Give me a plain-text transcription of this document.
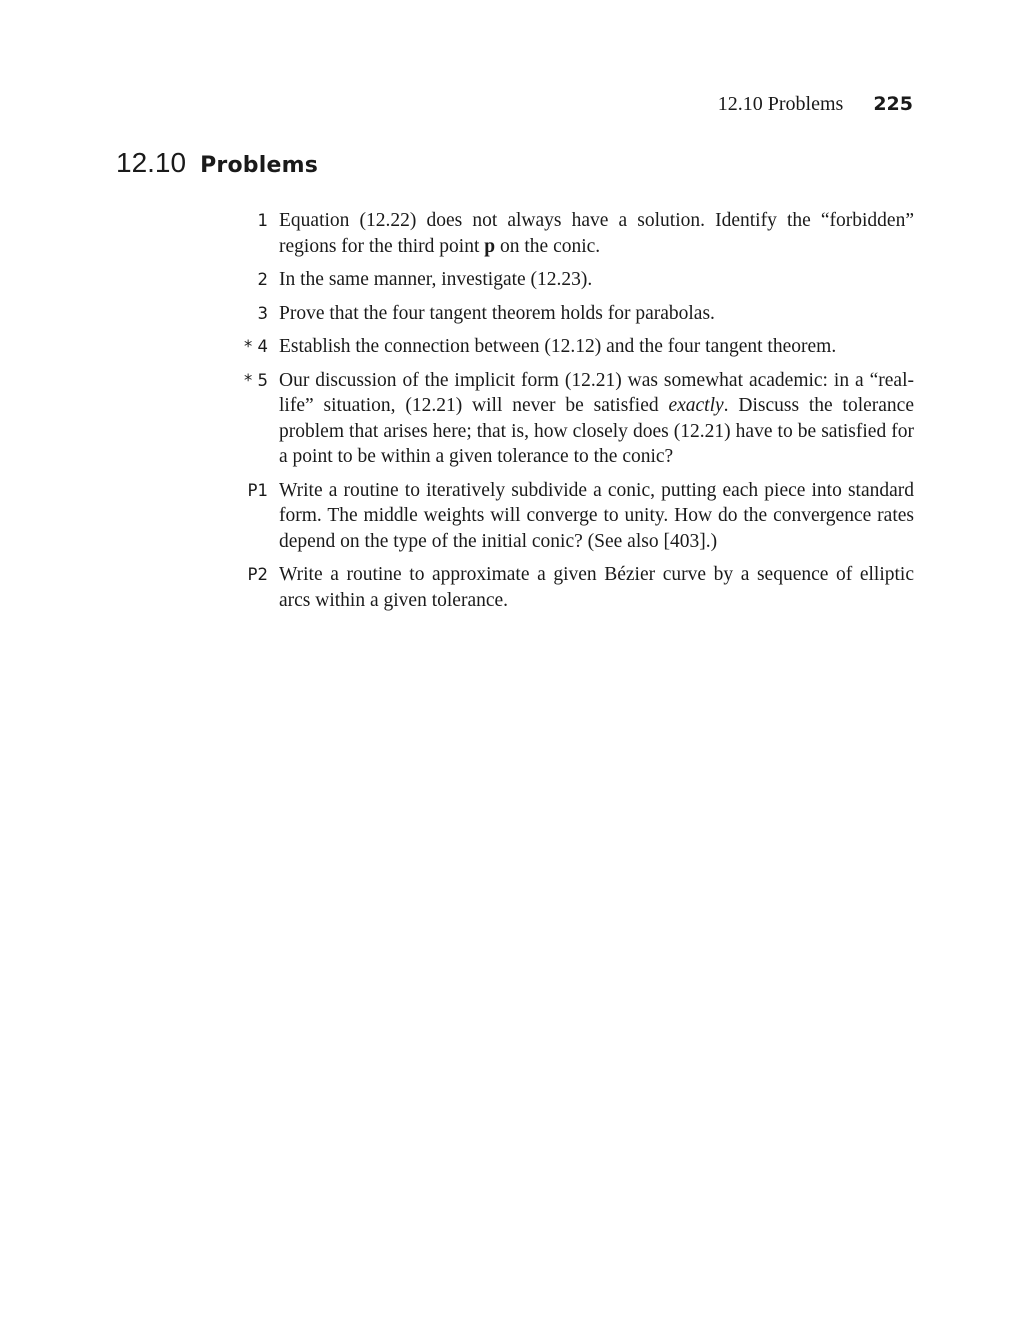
12.10 Problems 225
12.10 Problems
1 Equation (12.22) does not always have a solution. Identify the “forbidden” regions for the third point p on the conic.
2 In the same manner, investigate (12.23).
3 Prove that the four tangent theorem holds for parabolas.
* 4 Establish the connection between (12.12) and the four tangent theorem.
* 5 Our discussion of the implicit form (12.21) was somewhat academic: in a “real-life” situation, (12.21) will never be satisfied exactly. Discuss the tolerance problem that arises here; that is, how closely does (12.21) have to be satisfied for a point to be within a given tolerance to the conic?
P1 Write a routine to iteratively subdivide a conic, putting each piece into standard form. The middle weights will converge to unity. How do the convergence rates depend on the type of the initial conic? (See also [403].)
P2 Write a routine to approximate a given Bézier curve by a sequence of elliptic arcs within a given tolerance.
